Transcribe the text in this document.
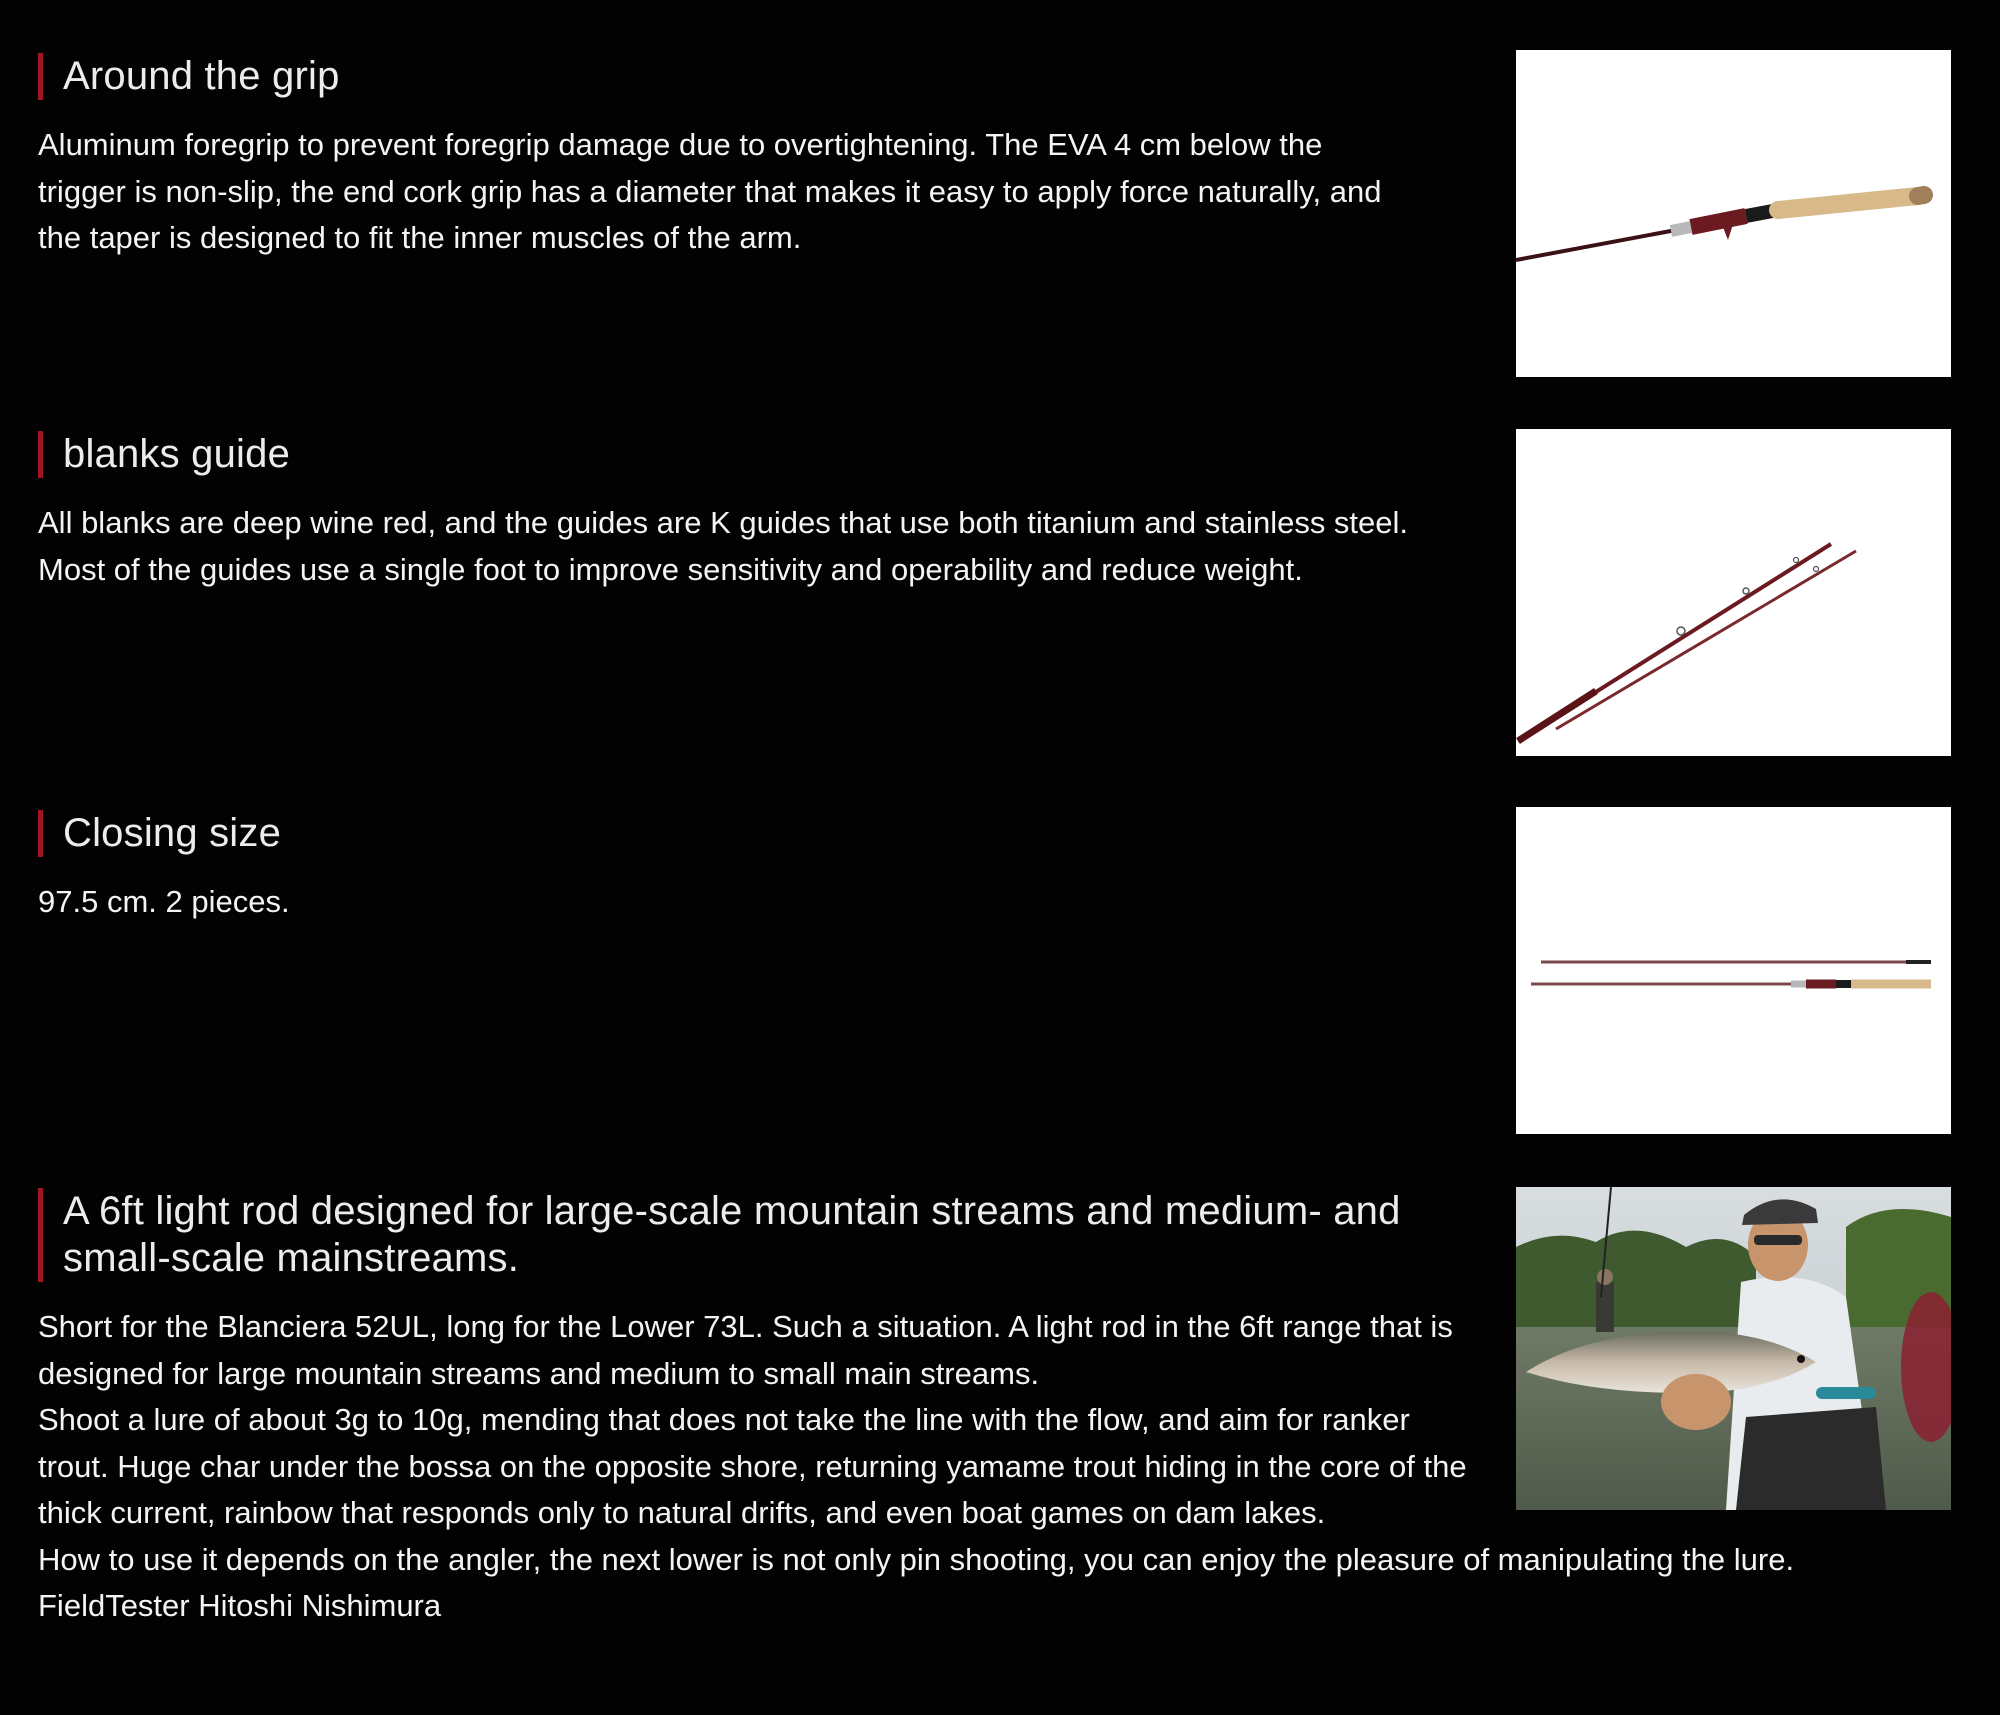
Around the grip

Aluminum foregrip to prevent foregrip damage due to overtightening. The EVA 4 cm below the trigger is non-slip, the end cork grip has a diameter that makes it easy to apply force naturally, and the taper is designed to fit the inner muscles of the arm.

blanks guide

All blanks are deep wine red, and the guides are K guides that use both titanium and stainless steel. Most of the guides use a single foot to improve sensitivity and operability and reduce weight.

Closing size

97.5 cm. 2 pieces.

A 6ft light rod designed for large-scale mountain streams and medium- and small-scale mainstreams.

Short for the Blanciera 52UL, long for the Lower 73L. Such a situation. A light rod in the 6ft range that is designed for large mountain streams and medium to small main streams.

Shoot a lure of about 3g to 10g, mending that does not take the line with the flow, and aim for ranker trout. Huge char under the bossa on the opposite shore, returning yamame trout hiding in the core of the thick current, rainbow that responds only to natural drifts, and even boat games on dam lakes.

How to use it depends on the angler, the next lower is not only pin shooting, you can enjoy the pleasure of manipulating the lure.

FieldTester Hitoshi Nishimura
